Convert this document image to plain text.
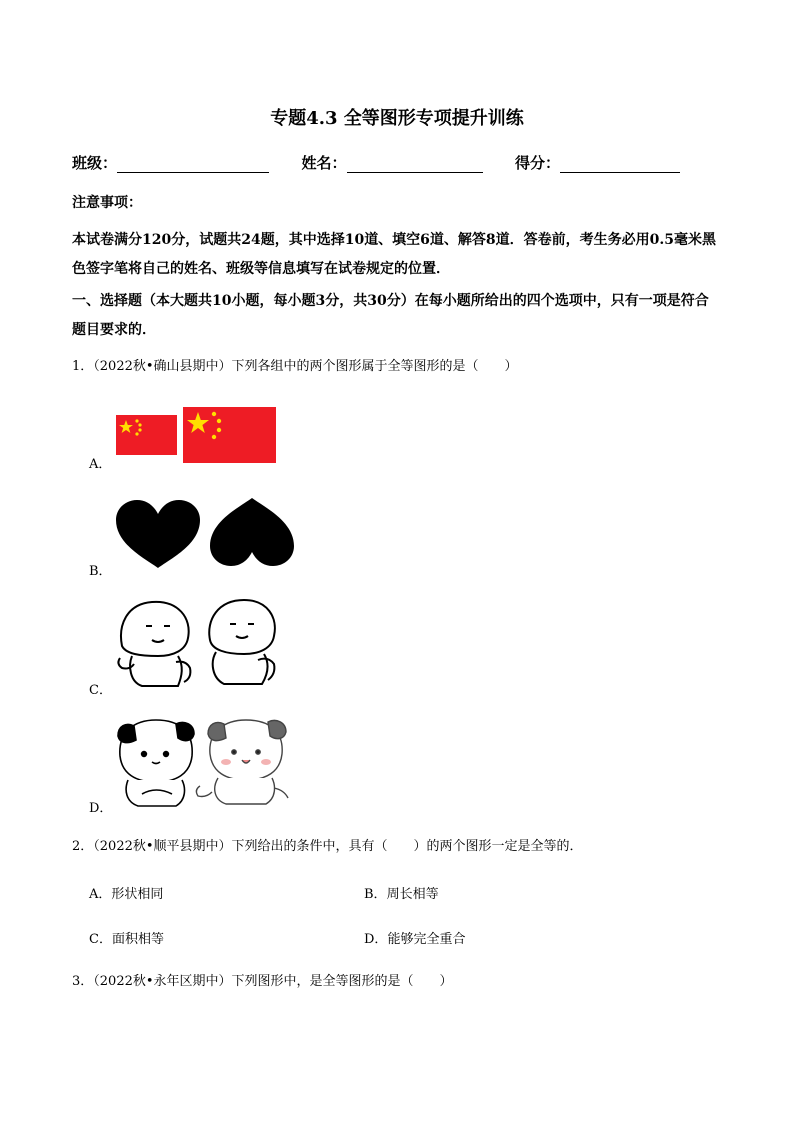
专题4.3 全等图形专项提升训练
班级：	姓名：	得分：
注意事项：
本试卷满分120分，试题共24题，其中选择10道、填空6道、解答8道．答卷前，考生务必用0.5毫米黑
色签字笔将自己的姓名、班级等信息填写在试卷规定的位置．
一、选择题（本大题共10小题，每小题3分，共30分）在每小题所给出的四个选项中，只有一项是符合
题目要求的．
1．（2022秋•确山县期中）下列各组中的两个图形属于全等图形的是（　　）
A．
B．
C．
D．
2．（2022秋•顺平县期中）下列给出的条件中，具有（　　）的两个图形一定是全等的．
A．形状相同	B．周长相等
C．面积相等	D．能够完全重合
3．（2022秋•永年区期中）下列图形中，是全等图形的是（　　）
